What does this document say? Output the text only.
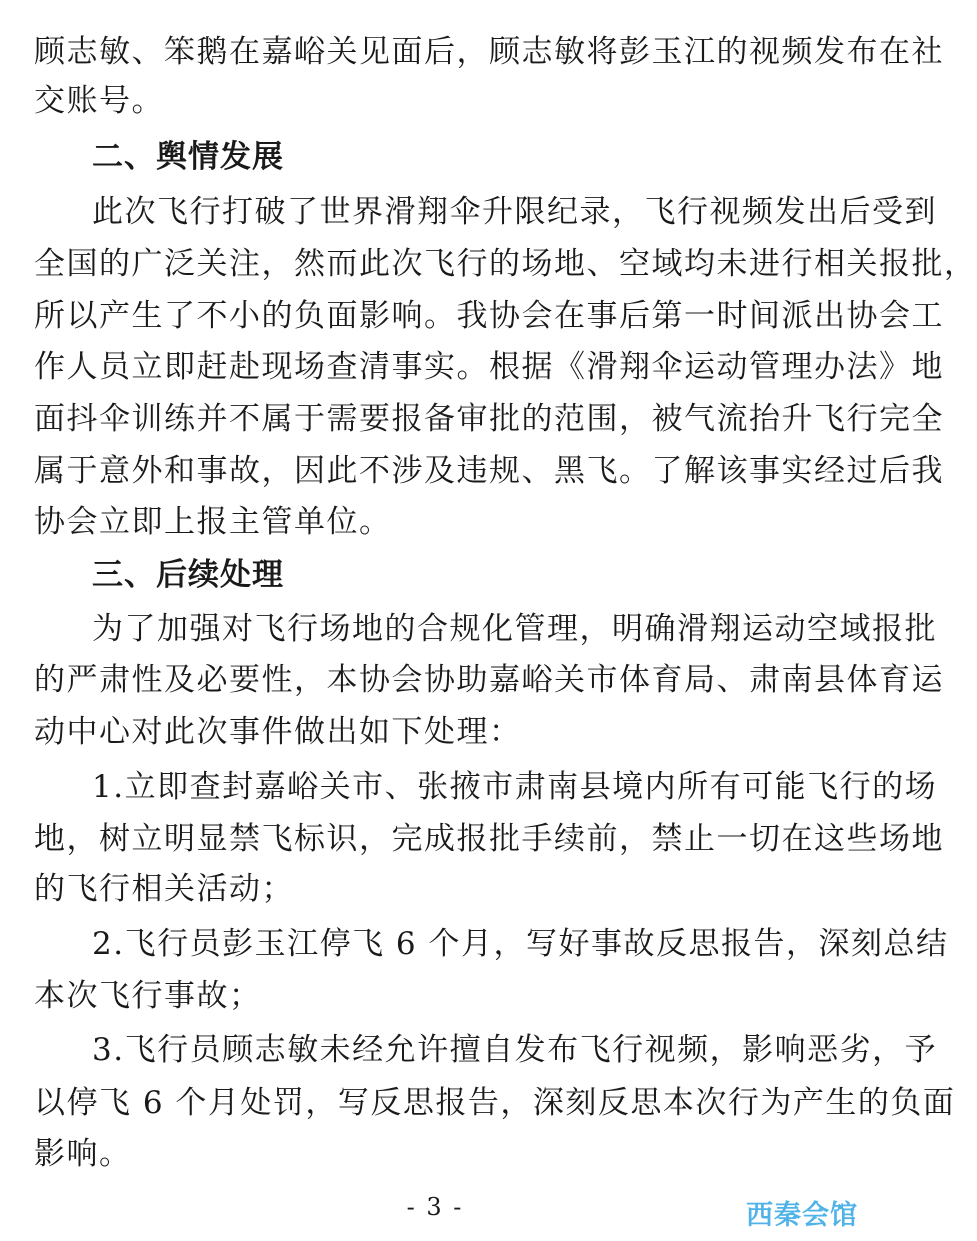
顾志敏、笨鹅在嘉峪关见面后，顾志敏将彭玉江的视频发布在社
交账号。
二、舆情发展
此次飞行打破了世界滑翔伞升限纪录，飞行视频发出后受到
全国的广泛关注，然而此次飞行的场地、空域均未进行相关报批，
所以产生了不小的负面影响。我协会在事后第一时间派出协会工
作人员立即赶赴现场查清事实。根据《滑翔伞运动管理办法》地
面抖伞训练并不属于需要报备审批的范围，被气流抬升飞行完全
属于意外和事故，因此不涉及违规、黑飞。了解该事实经过后我
协会立即上报主管单位。
三、后续处理
为了加强对飞行场地的合规化管理，明确滑翔运动空域报批
的严肃性及必要性，本协会协助嘉峪关市体育局、肃南县体育运
动中心对此次事件做出如下处理：
1.立即查封嘉峪关市、张掖市肃南县境内所有可能飞行的场
地，树立明显禁飞标识，完成报批手续前，禁止一切在这些场地
的飞行相关活动；
2.飞行员彭玉江停飞 6 个月，写好事故反思报告，深刻总结
本次飞行事故；
3.飞行员顾志敏未经允许擅自发布飞行视频，影响恶劣，予
以停飞 6 个月处罚，写反思报告，深刻反思本次行为产生的负面
影响。
- 3 -	西秦会馆
